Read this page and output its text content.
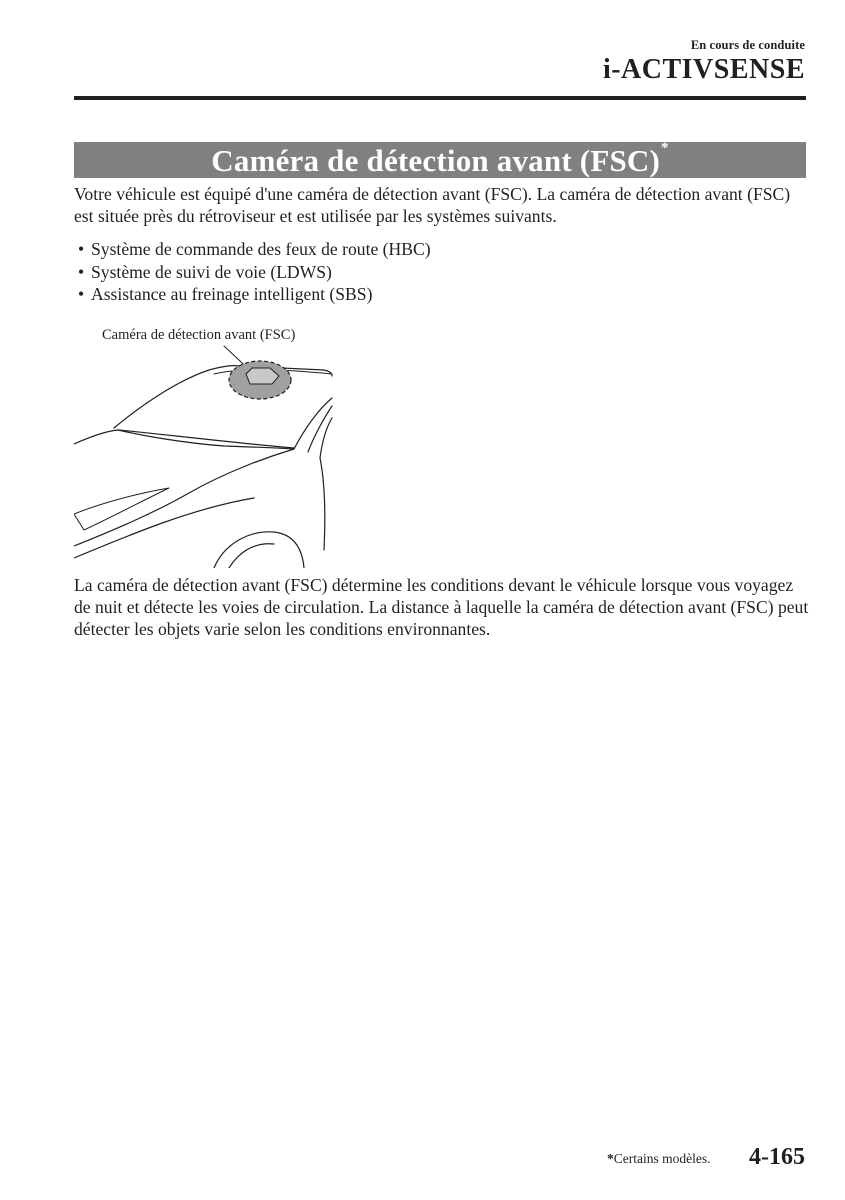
En cours de conduite
i-ACTIVSENSE
Caméra de détection avant (FSC)*
Votre véhicule est équipé d'une caméra de détection avant (FSC). La caméra de détection avant (FSC) est située près du rétroviseur et est utilisée par les systèmes suivants.
• Système de commande des feux de route (HBC)
• Système de suivi de voie (LDWS)
• Assistance au freinage intelligent (SBS)
Caméra de détection avant (FSC)
La caméra de détection avant (FSC) détermine les conditions devant le véhicule lorsque vous voyagez de nuit et détecte les voies de circulation. La distance à laquelle la caméra de détection avant (FSC) peut détecter les objets varie selon les conditions environnantes.
*Certains modèles. 4-165
